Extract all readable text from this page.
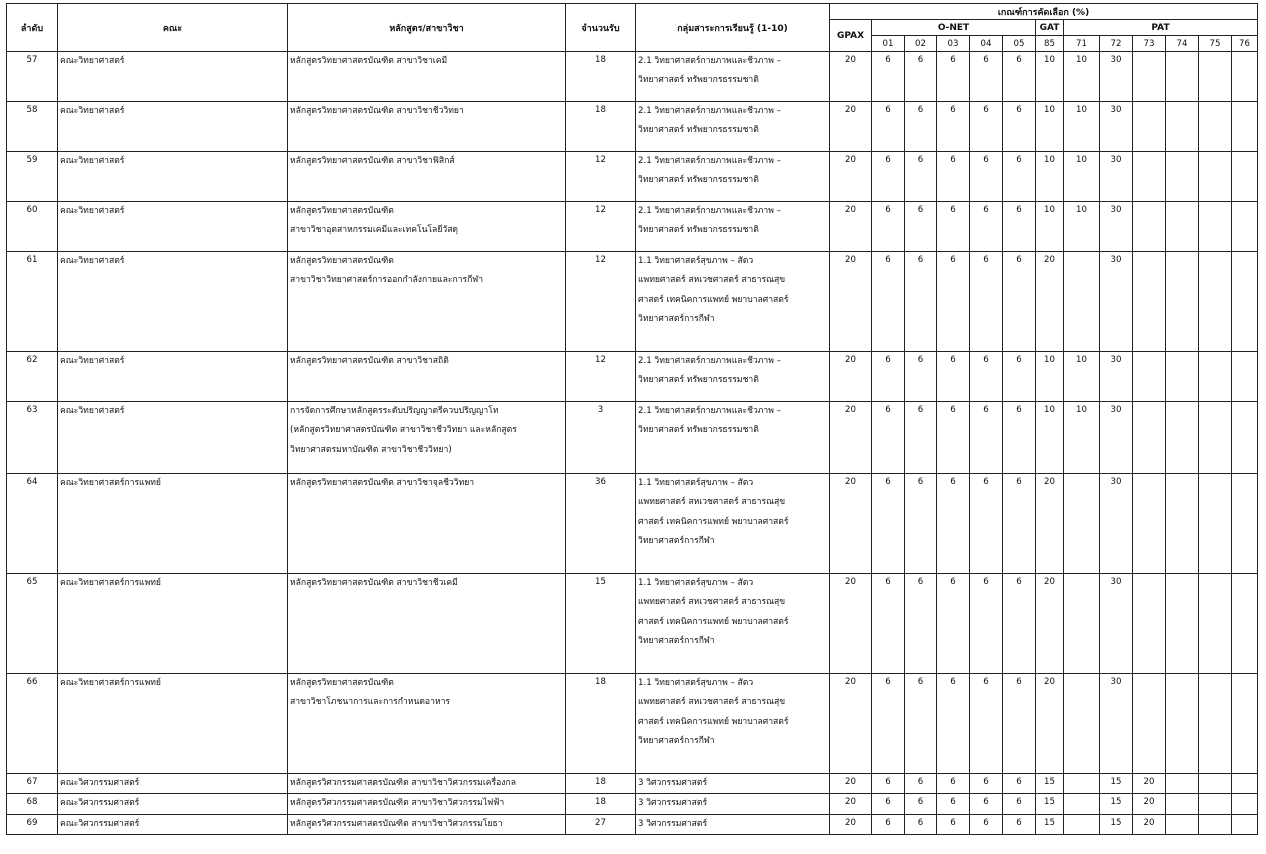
ลำดับ	คณะ	หลักสูตร/สาขาวิชา	จำนวนรับ	กลุ่มสาระการเรียนรู้ (1-10)	เกณฑ์การคัดเลือก (%)												
					GPAX	O-NET					GAT	PAT					
						01	02	03	04	05	85	71	72	73	74	75	76
57	คณะวิทยาศาสตร์	หลักสูตรวิทยาศาสตรบัณฑิต สาขาวิชาเคมี	18	2.1 วิทยาศาสตร์กายภาพและชีวภาพ –
วิทยาศาสตร์ ทรัพยากรธรรมชาติ	20	6	6	6	6	6	10	10	30				
58	คณะวิทยาศาสตร์	หลักสูตรวิทยาศาสตรบัณฑิต สาขาวิชาชีววิทยา	18	2.1 วิทยาศาสตร์กายภาพและชีวภาพ –
วิทยาศาสตร์ ทรัพยากรธรรมชาติ	20	6	6	6	6	6	10	10	30				
59	คณะวิทยาศาสตร์	หลักสูตรวิทยาศาสตรบัณฑิต สาขาวิชาฟิสิกส์	12	2.1 วิทยาศาสตร์กายภาพและชีวภาพ –
วิทยาศาสตร์ ทรัพยากรธรรมชาติ	20	6	6	6	6	6	10	10	30				
60	คณะวิทยาศาสตร์	หลักสูตรวิทยาศาสตรบัณฑิต
สาขาวิชาอุตสาหกรรมเคมีและเทคโนโลยีวัสดุ	12	2.1 วิทยาศาสตร์กายภาพและชีวภาพ –
วิทยาศาสตร์ ทรัพยากรธรรมชาติ	20	6	6	6	6	6	10	10	30				
61	คณะวิทยาศาสตร์	หลักสูตรวิทยาศาสตรบัณฑิต
สาขาวิชาวิทยาศาสตร์การออกกำลังกายและการกีฬา	12	1.1 วิทยาศาสตร์สุขภาพ – สัตว
แพทยศาสตร์ สหเวชศาสตร์ สาธารณสุข
ศาสตร์ เทคนิคการแพทย์ พยาบาลศาสตร์
วิทยาศาสตร์การกีฬา	20	6	6	6	6	6	20		30				
62	คณะวิทยาศาสตร์	หลักสูตรวิทยาศาสตรบัณฑิต สาขาวิชาสถิติ	12	2.1 วิทยาศาสตร์กายภาพและชีวภาพ –
วิทยาศาสตร์ ทรัพยากรธรรมชาติ	20	6	6	6	6	6	10	10	30				
63	คณะวิทยาศาสตร์	การจัดการศึกษาหลักสูตรระดับปริญญาตรีควบปริญญาโท
(หลักสูตรวิทยาศาสตรบัณฑิต สาขาวิชาชีววิทยา และหลักสูตร
วิทยาศาสตรมหาบัณฑิต สาขาวิชาชีววิทยา)	3	2.1 วิทยาศาสตร์กายภาพและชีวภาพ –
วิทยาศาสตร์ ทรัพยากรธรรมชาติ	20	6	6	6	6	6	10	10	30				
64	คณะวิทยาศาสตร์การแพทย์	หลักสูตรวิทยาศาสตรบัณฑิต สาขาวิชาจุลชีววิทยา	36	1.1 วิทยาศาสตร์สุขภาพ – สัตว
แพทยศาสตร์ สหเวชศาสตร์ สาธารณสุข
ศาสตร์ เทคนิคการแพทย์ พยาบาลศาสตร์
วิทยาศาสตร์การกีฬา	20	6	6	6	6	6	20		30				
65	คณะวิทยาศาสตร์การแพทย์	หลักสูตรวิทยาศาสตรบัณฑิต สาขาวิชาชีวเคมี	15	1.1 วิทยาศาสตร์สุขภาพ – สัตว
แพทยศาสตร์ สหเวชศาสตร์ สาธารณสุข
ศาสตร์ เทคนิคการแพทย์ พยาบาลศาสตร์
วิทยาศาสตร์การกีฬา	20	6	6	6	6	6	20		30				
66	คณะวิทยาศาสตร์การแพทย์	หลักสูตรวิทยาศาสตรบัณฑิต
สาขาวิชาโภชนาการและการกำหนดอาหาร	18	1.1 วิทยาศาสตร์สุขภาพ – สัตว
แพทยศาสตร์ สหเวชศาสตร์ สาธารณสุข
ศาสตร์ เทคนิคการแพทย์ พยาบาลศาสตร์
วิทยาศาสตร์การกีฬา	20	6	6	6	6	6	20		30				
67	คณะวิศวกรรมศาสตร์	หลักสูตรวิศวกรรมศาสตรบัณฑิต สาขาวิชาวิศวกรรมเครื่องกล	18	3 วิศวกรรมศาสตร์	20	6	6	6	6	6	15		15	20			
68	คณะวิศวกรรมศาสตร์	หลักสูตรวิศวกรรมศาสตรบัณฑิต สาขาวิชาวิศวกรรมไฟฟ้า	18	3 วิศวกรรมศาสตร์	20	6	6	6	6	6	15		15	20			
69	คณะวิศวกรรมศาสตร์	หลักสูตรวิศวกรรมศาสตรบัณฑิต สาขาวิชาวิศวกรรมโยธา	27	3 วิศวกรรมศาสตร์	20	6	6	6	6	6	15		15	20			
